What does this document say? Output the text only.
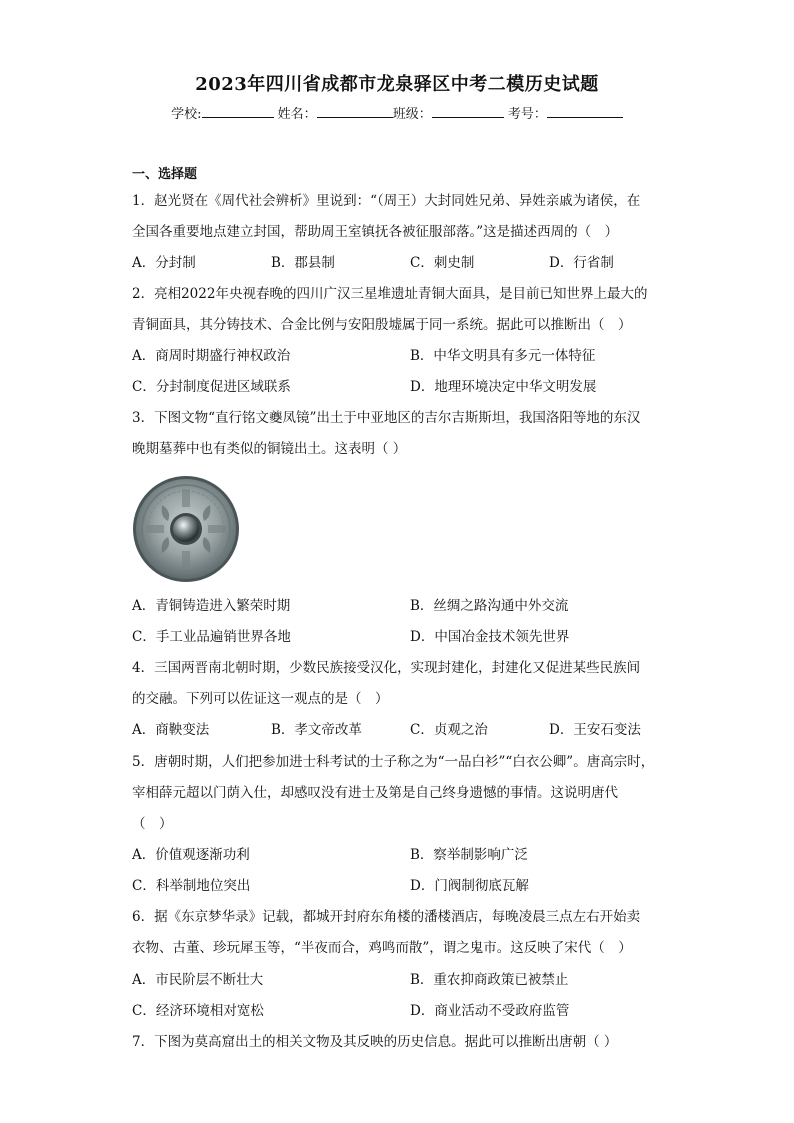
2023年四川省成都市龙泉驿区中考二模历史试题
学校:	姓名：	班级：	考号：
一、选择题
1．赵光贤在《周代社会辨析》里说到：“（周王）大封同姓兄弟、异姓亲戚为诸侯，在
全国各重要地点建立封国，帮助周王室镇抚各被征服部落。”这是描述西周的（　）
A．分封制	B．郡县制	C．刺史制	D．行省制
2．亮相2022年央视春晚的四川广汉三星堆遗址青铜大面具，是目前已知世界上最大的
青铜面具，其分铸技术、合金比例与安阳殷墟属于同一系统。据此可以推断出（　）
A．商周时期盛行神权政治	B．中华文明具有多元一体特征
C．分封制度促进区域联系	D．地理环境决定中华文明发展
3．下图文物“直行铭文夔凤镜”出土于中亚地区的吉尔吉斯斯坦，我国洛阳等地的东汉
晚期墓葬中也有类似的铜镜出土。这表明（ ）
A．青铜铸造进入繁荣时期	B．丝绸之路沟通中外交流
C．手工业品遍销世界各地	D．中国冶金技术领先世界
4．三国两晋南北朝时期，少数民族接受汉化，实现封建化，封建化又促进某些民族间
的交融。下列可以佐证这一观点的是（　）
A．商鞅变法	B．孝文帝改革	C．贞观之治	D．王安石变法
5．唐朝时期，人们把参加进士科考试的士子称之为“一品白衫”“白衣公卿”。唐高宗时，
宰相薛元超以门荫入仕，却感叹没有进士及第是自己终身遗憾的事情。这说明唐代
（　）
A．价值观逐渐功利	B．察举制影响广泛
C．科举制地位突出	D．门阀制彻底瓦解
6．据《东京梦华录》记载，都城开封府东角楼的潘楼酒店，每晚凌晨三点左右开始卖
衣物、古董、珍玩犀玉等，“半夜而合，鸡鸣而散”，谓之鬼市。这反映了宋代（　）
A．市民阶层不断壮大	B．重农抑商政策已被禁止
C．经济环境相对宽松	D．商业活动不受政府监管
7．下图为莫高窟出土的相关文物及其反映的历史信息。据此可以推断出唐朝（ ）
